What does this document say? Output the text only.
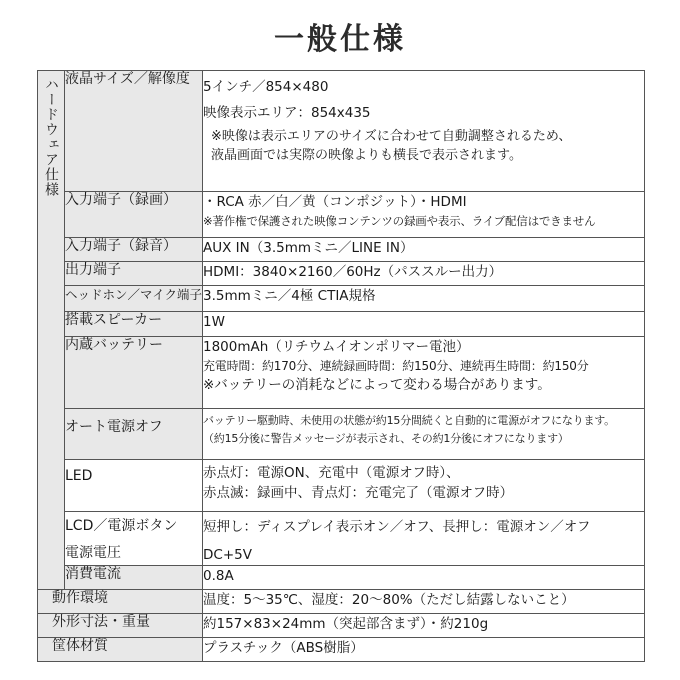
一般仕様
ハードウェア仕様	液晶サイズ／解像度	5インチ／854×480
映像表示エリア：854x435
※映像は表示エリアのサイズに合わせて自動調整されるため、
液晶画面では実際の映像よりも横長で表示されます。

	入力端子（録画）	・RCA 赤／白／黄（コンポジット）・HDMI
※著作権で保護された映像コンテンツの録画や表示、ライブ配信はできません

	入力端子（録音）	AUX IN（3.5mmミニ／LINE IN）
	出力端子	HDMI：3840×2160／60Hz（パススルー出力）
	ヘッドホン／マイク端子	3.5mmミニ／4極 CTIA規格
	搭載スピーカー	1W
	内蔵バッテリー	1800mAh（リチウムイオンポリマー電池）
充電時間：約170分、連続録画時間：約150分、連続再生時間：約150分
※バッテリーの消耗などによって変わる場合があります。

	オート電源オフ	バッテリー駆動時、未使用の状態が約15分間続くと自動的に電源がオフになります。
（約15分後に警告メッセージが表示され、その約1分後にオフになります）

	LED	赤点灯：電源ON、充電中（電源オフ時）、
赤点滅：録画中、青点灯：充電完了（電源オフ時）

	LCD／電源ボタン	短押し：ディスプレイ表示オン／オフ、長押し：電源オン／オフ
	電源電圧	DC+5V
	消費電流	0.8A
動作環境		温度：5〜35℃、湿度：20〜80%（ただし結露しないこと）
外形寸法・重量		約157×83×24mm（突起部含まず）・約210g
筐体材質		プラスチック（ABS樹脂）
